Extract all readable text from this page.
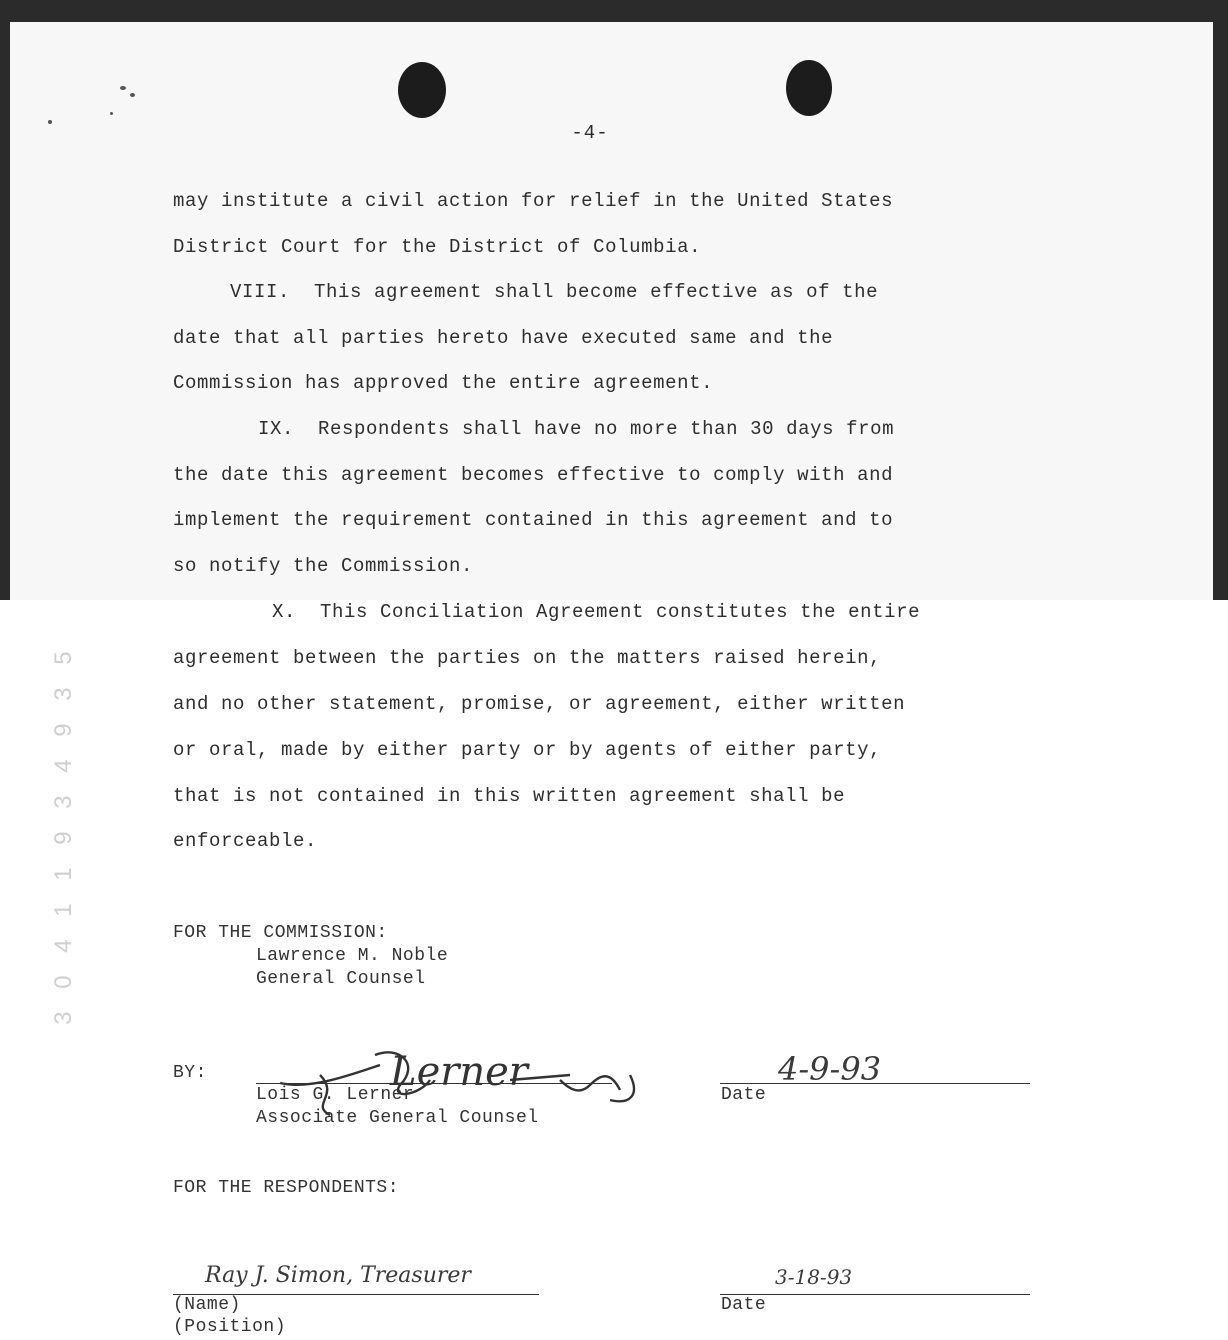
-4-
may institute a civil action for relief in the United States
District Court for the District of Columbia.
VIII.  This agreement shall become effective as of the
date that all parties hereto have executed same and the
Commission has approved the entire agreement.
IX.  Respondents shall have no more than 30 days from
the date this agreement becomes effective to comply with and
implement the requirement contained in this agreement and to
so notify the Commission.
X.  This Conciliation Agreement constitutes the entire
agreement between the parties on the matters raised herein,
and no other statement, promise, or agreement, either written
or oral, made by either party or by agents of either party,
that is not contained in this written agreement shall be
enforceable.
5
3
9
4
3
9
1
1
4
0
3
FOR THE COMMISSION:
Lawrence M. Noble
General Counsel
BY:
Lois G. Lerner
Associate General Counsel
Lerner	4-9-93
Date
FOR THE RESPONDENTS:
Ray J. Simon, Treasurer
(Name)
(Position)
3-18-93
Date
